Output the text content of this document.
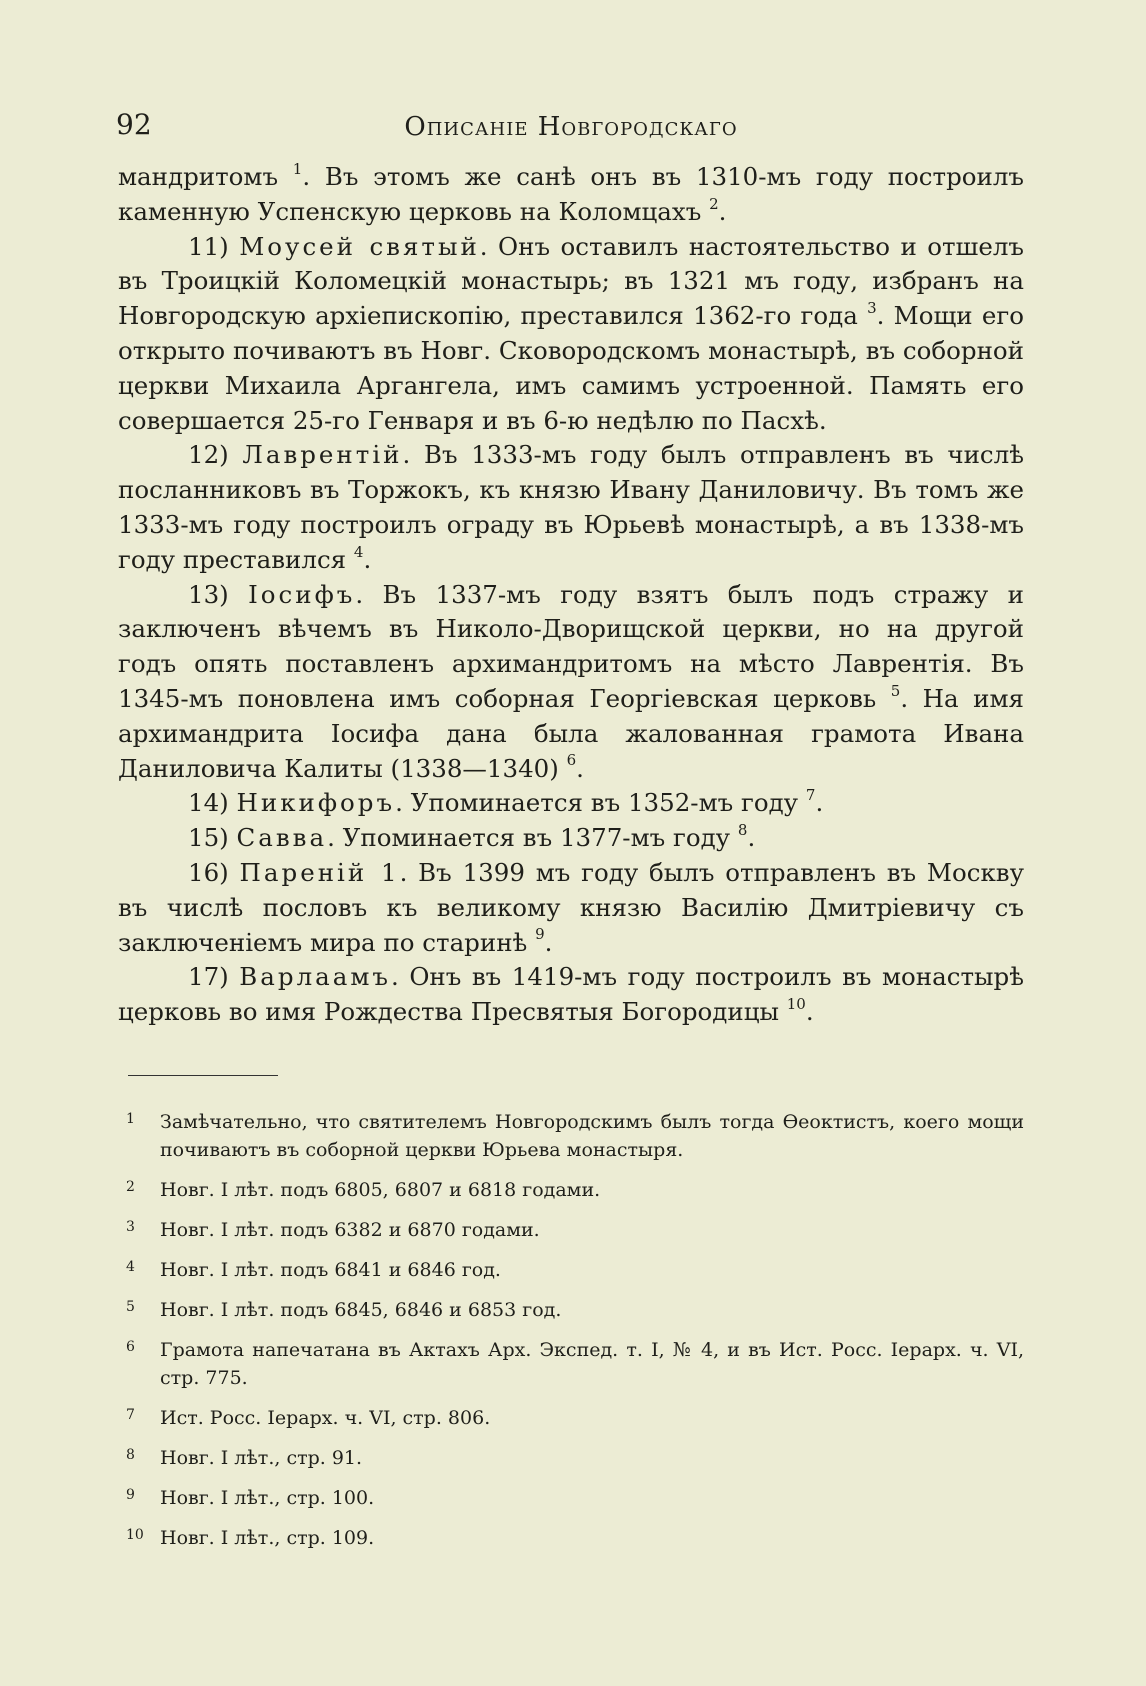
92	Описаніе Новгородскаго

мандритомъ $^1$. Въ этомъ же санѣ онъ въ 1310-мъ году построилъ каменную Успенскую церковь на Коломцахъ $^2$.

11) Моусей святый. Онъ оставилъ настоятельство и отшелъ въ Троицкій Коломецкій монастырь; въ 1321 мъ году, избранъ на Новгородскую архіепископію, преставился 1362-го года $^3$. Мощи его открыто почиваютъ въ Новг. Сковородскомъ монастырѣ, въ соборной церкви Михаила Аргангела, имъ самимъ устроенной. Память его совершается 25-го Генваря и въ 6-ю недѣлю по Пасхѣ.

12) Лаврентій. Въ 1333-мъ году былъ отправленъ въ числѣ посланниковъ въ Торжокъ, къ князю Ивану Даниловичу. Въ томъ же 1333-мъ году построилъ ограду въ Юрьевѣ монастырѣ, а въ 1338-мъ году преставился $^4$.

13) Іосифъ. Въ 1337-мъ году взятъ былъ подъ стражу и заключенъ вѣчемъ въ Николо-Дворищской церкви, но на другой годъ опять поставленъ архимандритомъ на мѣсто Лаврентія. Въ 1345-мъ поновлена имъ соборная Георгіевская церковь $^5$. На имя архимандрита Іосифа дана была жалованная грамота Ивана Даниловича Калиты (1338—1340) $^6$.

14) Никифоръ. Упоминается въ 1352-мъ году $^7$.

15) Савва. Упоминается въ 1377-мъ году $^8$.

16) Пареній 1. Въ 1399 мъ году былъ отправленъ въ Москву въ числѣ пословъ къ великому князю Василію Дмитріевичу съ заключеніемъ мира по старинѣ $^9$.

17) Варлаамъ. Онъ въ 1419-мъ году построилъ въ монастырѣ церковь во имя Рождества Пресвятыя Богородицы $^{10}$.

1	Замѣчательно, что святителемъ Новгородскимъ былъ тогда Ѳеоктистъ, коего мощи почиваютъ въ соборной церкви Юрьева монастыря.
2	Новг. I лѣт. подъ 6805, 6807 и 6818 годами.
3	Новг. I лѣт. подъ 6382 и 6870 годами.
4	Новг. I лѣт. подъ 6841 и 6846 год.
5	Новг. I лѣт. подъ 6845, 6846 и 6853 год.
6	Грамота напечатана въ Актахъ Арх. Экспед. т. I, № 4, и въ Ист. Росс. Іерарх. ч. VI, стр. 775.
7	Ист. Росс. Іерарх. ч. VI, стр. 806.
8	Новг. I лѣт., стр. 91.
9	Новг. I лѣт., стр. 100.
10 Новг. I лѣт., стр. 109.
